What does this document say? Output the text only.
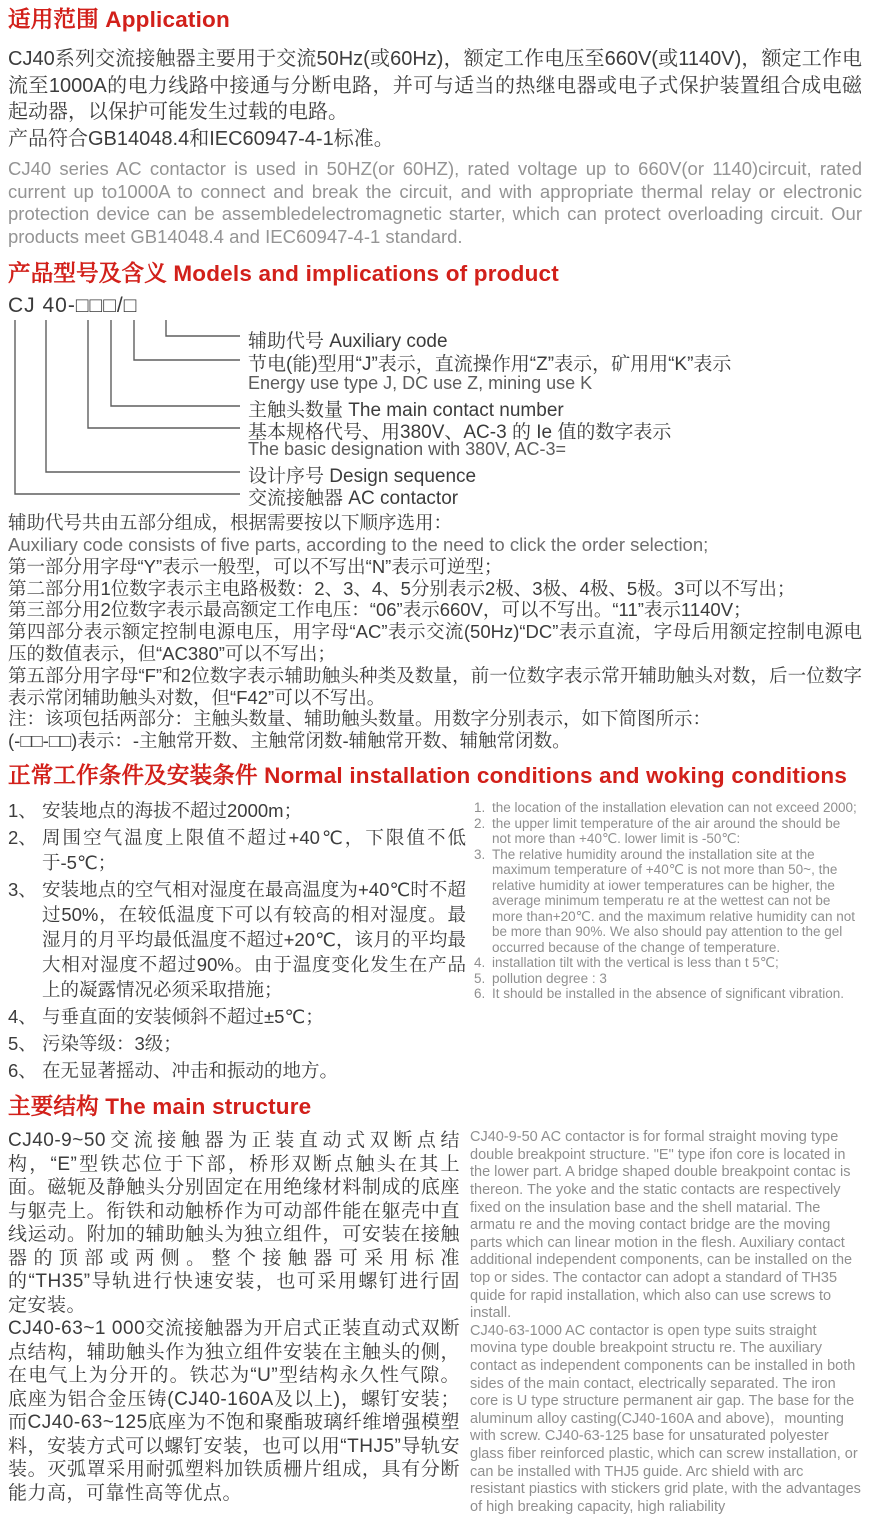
适用范围 Application

CJ40系列交流接触器主要用于交流50Hz(或60Hz)，额定工作电压至660V(或1140V)，额定工作电流至1000A的电力线路中接通与分断电路，并可与适当的热继电器或电子式保护装置组合成电磁起动器，以保护可能发生过载的电路。

产品符合GB14048.4和IEC60947-4-1标准。

CJ40 series AC contactor is used in 50HZ(or 60HZ), rated voltage up to 660V(or 1140)circuit, rated current up to1000A to connect and break the circuit, and with appropriate thermal relay or electronic protection device can be assembledelectromagnetic starter, which can protect overloading circuit. Our products meet GB14048.4 and IEC60947-4-1 standard.

产品型号及含义 Models and implications of product
CJ 40-□□□/□
辅助代号 Auxiliary code
节电(能)型用“J”表示，直流操作用“Z”表示，矿用用“K”表示
Energy use type J, DC use Z, mining use K
主触头数量 The main contact number
基本规格代号、用380V、AC-3 的 Ie 值的数字表示
The basic designation with 380V, AC-3=
设计序号 Design sequence
交流接触器 AC contactor

辅助代号共由五部分组成，根据需要按以下顺序选用：

Auxiliary code consists of five parts, according to the need to click the order selection;

第一部分用字母“Y”表示一般型，可以不写出“N”表示可逆型；

第二部分用1位数字表示主电路极数：2、3、4、5分别表示2极、3极、4极、5极。3可以不写出；

第三部分用2位数字表示最高额定工作电压：“06”表示660V，可以不写出。“11”表示1140V；

第四部分表示额定控制电源电压，用字母“AC”表示交流(50Hz)“DC”表示直流，字母后用额定控制电源电压的数值表示，但“AC380”可以不写出；

第五部分用字母“F”和2位数字表示辅助触头种类及数量，前一位数字表示常开辅助触头对数，后一位数字表示常闭辅助触头对数，但“F42”可以不写出。

注：该项包括两部分：主触头数量、辅助触头数量。用数字分别表示，如下简图所示：

(-□□-□□)表示：-主触常开数、主触常闭数-辅触常开数、辅触常闭数。

正常工作条件及安装条件 Normal installation conditions and woking conditions
1、 安装地点的海拔不超过2000m；
2、 周围空气温度上限值不超过+40℃，下限值不低于-5℃；
3、 安装地点的空气相对湿度在最高温度为+40℃时不超过50%，在较低温度下可以有较高的相对湿度。最湿月的月平均最低温度不超过+20℃，该月的平均最大相对湿度不超过90%。由于温度变化发生在产品上的凝露情况必须采取措施；
4、 与垂直面的安装倾斜不超过±5℃；
5、 污染等级：3级；
6、 在无显著摇动、冲击和振动的地方。
1. the location of the installation elevation can not exceed 2000;
2. the upper limit temperature of the air around the should be not more than +40℃. lower limit is -50℃:
3. The relative humidity around the installation site at the maximum temperature of +40℃ is not more than 50~, the relative humidity at iower temperatures can be higher, the average minimum temperatu re at the wettest can not be more than+20℃. and the maximum relative humidity can not be more than 90%. We also should pay attention to the gel occurred because of the change of temperature.
4. installation tilt with the vertical is less than t 5℃;
5. pollution degree : 3
6. It should be installed in the absence of significant vibration.
主要结构 The main structure

CJ40-9~50交流接触器为正装直动式双断点结构，“E”型铁芯位于下部，桥形双断点触头在其上面。磁轭及静触头分别固定在用绝缘材料制成的底座与躯壳上。衔铁和动触桥作为可动部件能在躯壳中直线运动。附加的辅助触头为独立组件，可安装在接触器的顶部或两侧。整个接触器可采用标准的“TH35”导轨进行快速安装，也可采用螺钉进行固定安装。

CJ40-63~1 000交流接触器为开启式正装直动式双断点结构，辅助触头作为独立组件安装在主触头的侧，在电气上为分开的。铁芯为“U”型结构永久性气隙。底座为铝合金压铸(CJ40-160A及以上)，螺钉安装；而CJ40-63~125底座为不饱和聚酯玻璃纤维增强模塑料，安装方式可以螺钉安装，也可以用“THJ5”导轨安装。灭弧罩采用耐弧塑料加铁质栅片组成，具有分断能力高，可靠性高等优点。

CJ40-9-50 AC contactor is for formal straight moving type double breakpoint structure. "E" type ifon core is located in the lower part. A bridge shaped double breakpoint contac is thereon. The yoke and the static contacts are respectively fixed on the insulation base and the shell matarial. The armatu re and the moving contact bridge are the moving parts which can linear motion in the flesh. Auxiliary contact additional independent components, can be installed on the top or sides. The contactor can adopt a standard of TH35 quide for rapid installation, which also can use screws to install.

CJ40-63-1000 AC contactor is open type suits straight movina type double breakpoint structu re. The auxiliary contact as independent components can be installed in both sides of the main contact, electrically separated. The iron core is U type structure permanent air gap. The base for the aluminum alloy casting(CJ40-160A and above)，mounting with screw. CJ40-63-125 base for unsaturated polyester glass fiber reinforced plastic, which can screw installation, or can be installed with THJ5 guide. Arc shield with arc resistant piastics with stickers grid plate, with the advantages of high breaking capacity, high raliability
